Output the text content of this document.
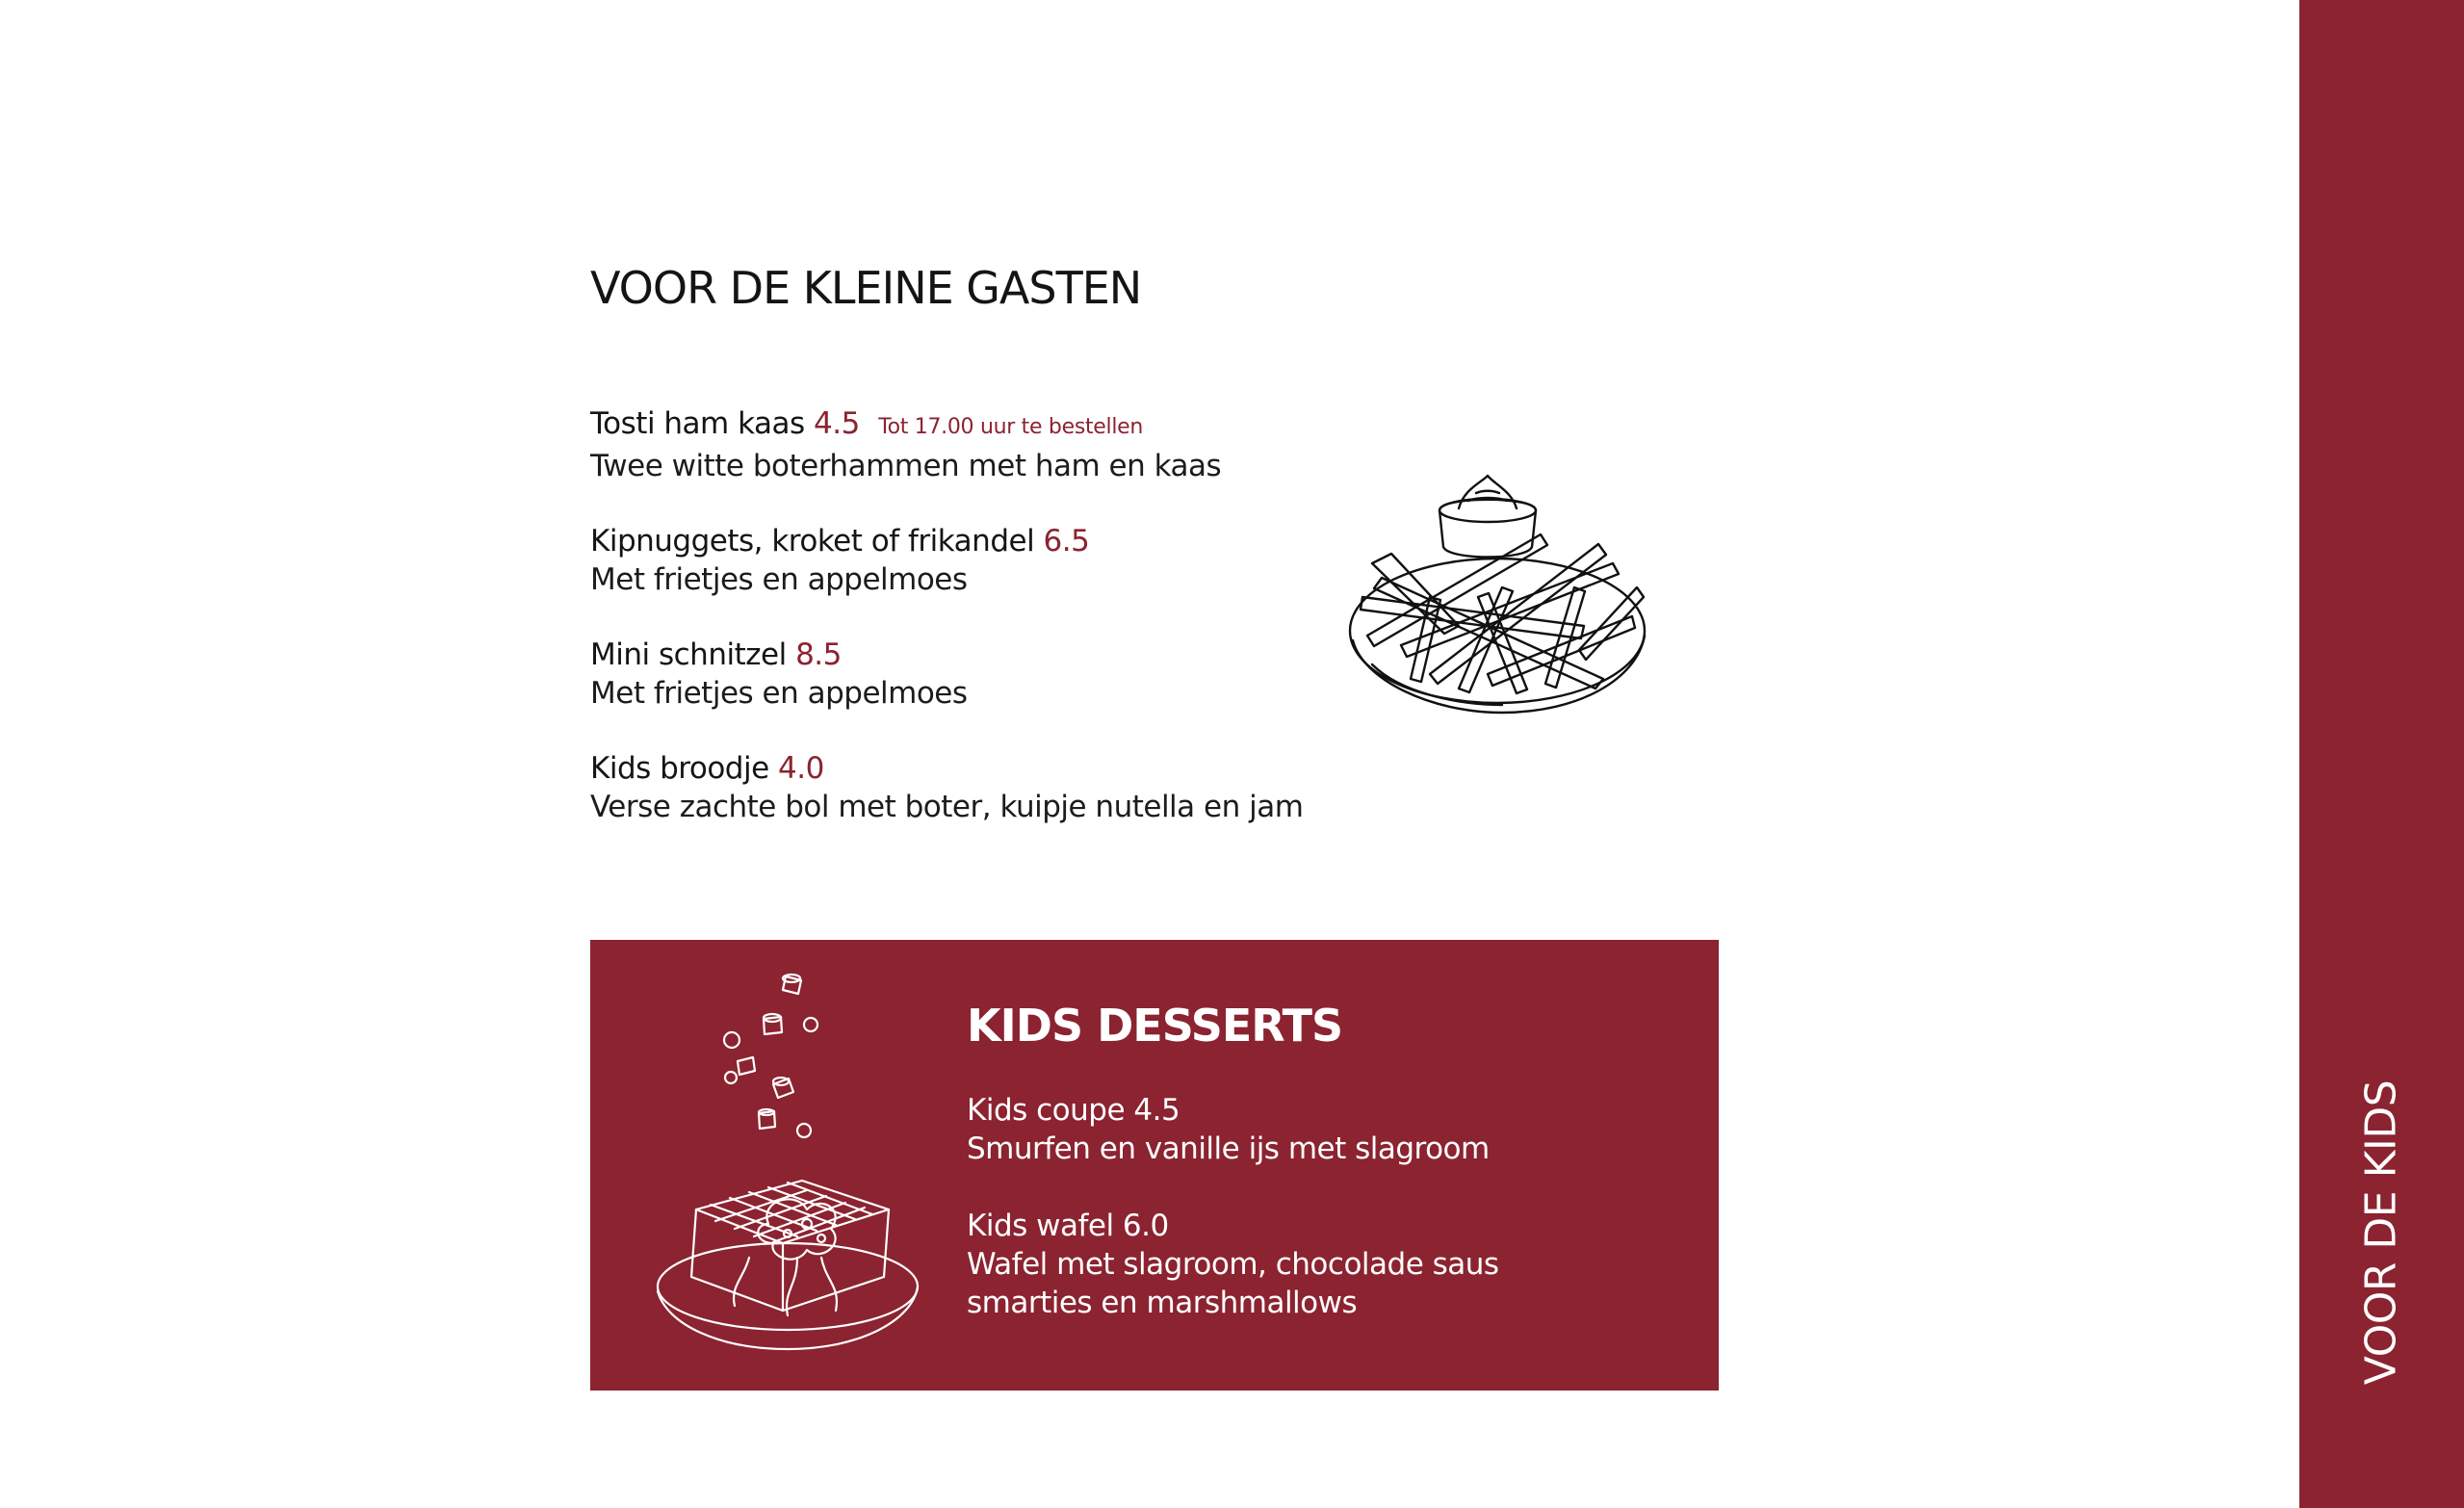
VOOR DE KLEINE GASTEN
Tosti ham kaas 4.5 Tot 17.00 uur te bestellen
Twee witte boterhammen met ham en kaas
Kipnuggets, kroket of frikandel 6.5
Met frietjes en appelmoes
Mini schnitzel 8.5
Met frietjes en appelmoes
Kids broodje 4.0
Verse zachte bol met boter, kuipje nutella en jam
KIDS DESSERTS
Kids coupe 4.5
Smurfen en vanille ijs met slagroom
Kids wafel 6.0
Wafel met slagroom, chocolade saus
smarties en marshmallows	VOOR DE KIDS
